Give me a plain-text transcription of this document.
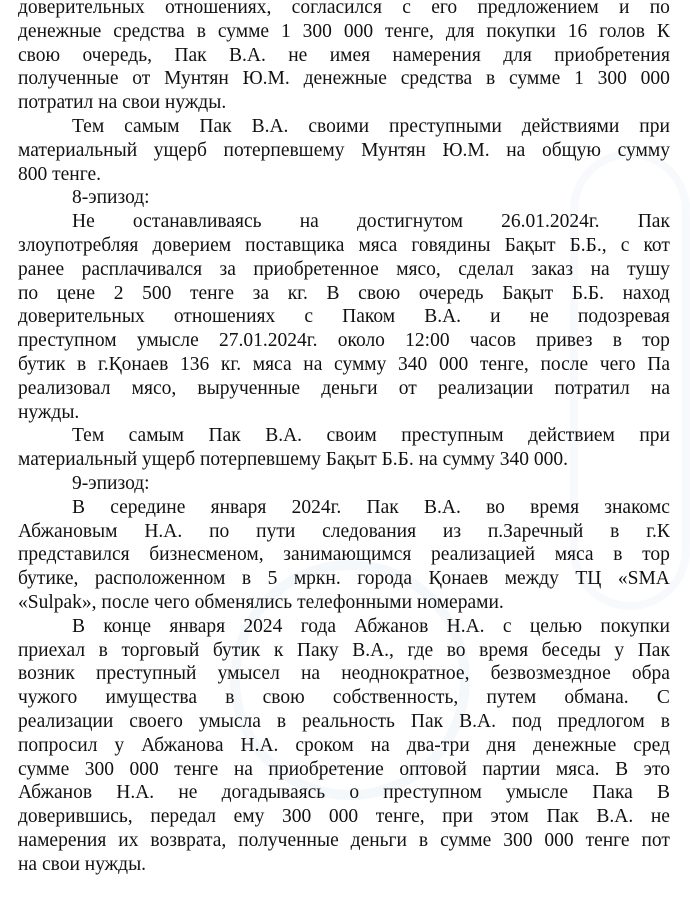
доверительных отношениях, согласился с его предложением и по
денежные средства в сумме 1 300 000 тенге, для покупки 16 голов К
свою очередь, Пак В.А. не имея намерения для приобретения
полученные от Мунтян Ю.М. денежные средства в сумме 1 300 000
потратил на свои нужды.
Тем самым Пак В.А. своими преступными действиями при
материальный ущерб потерпевшему Мунтян Ю.М. на общую сумму
800 тенге.
8-эпизод:
Не останавливаясь на достигнутом 26.01.2024г. Пак
злоупотребляя доверием поставщика мяса говядины Бақыт Б.Б., с кот
ранее расплачивался за приобретенное мясо, сделал заказ на тушу
по цене 2 500 тенге за кг. В свою очередь Бақыт Б.Б. наход
доверительных отношениях с Паком В.А. и не подозревая
преступном умысле 27.01.2024г. около 12:00 часов привез в тор
бутик в г.Қонаев 136 кг. мяса на сумму 340 000 тенге, после чего Па
реализовал мясо, вырученные деньги от реализации потратил на
нужды.
Тем самым Пак В.А. своим преступным действием при
материальный ущерб потерпевшему Бақыт Б.Б. на сумму 340 000.
9-эпизод:
В середине января 2024г. Пак В.А. во время знакомс
Абжановым Н.А. по пути следования из п.Заречный в г.К
представился бизнесменом, занимающимся реализацией мяса в тор
бутике, расположенном в 5 мркн. города Қонаев между ТЦ «SMA
«Sulpak», после чего обменялись телефонными номерами.
В конце января 2024 года Абжанов Н.А. с целью покупки
приехал в торговый бутик к Паку В.А., где во время беседы у Пак
возник преступный умысел на неоднократное, безвозмездное обра
чужого имущества в свою собственность, путем обмана. С
реализации своего умысла в реальность Пак В.А. под предлогом в
попросил у Абжанова Н.А. сроком на два-три дня денежные сред
сумме 300 000 тенге на приобретение оптовой партии мяса. В это
Абжанов Н.А. не догадываясь о преступном умысле Пака В
доверившись, передал ему 300 000 тенге, при этом Пак В.А. не
намерения их возврата, полученные деньги в сумме 300 000 тенге пот
на свои нужды.
